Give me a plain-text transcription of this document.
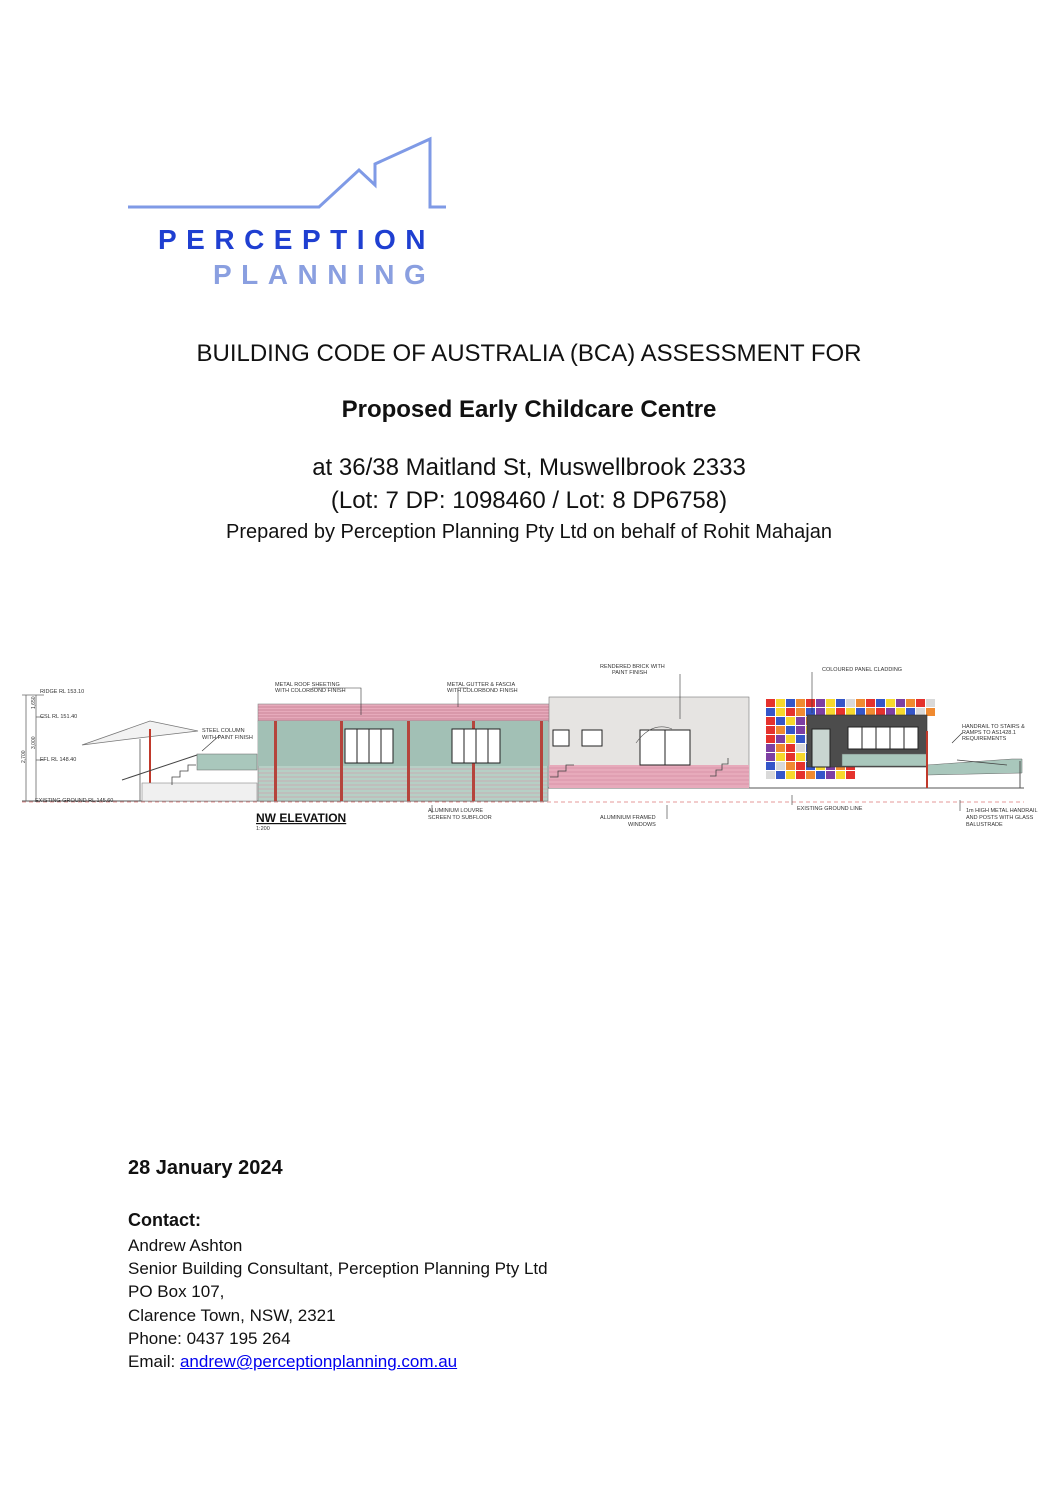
PERCEPTION
PLANNING
BUILDING CODE OF AUSTRALIA (BCA) ASSESSMENT FOR
Proposed Early Childcare Centre
at 36/38 Maitland St, Muswellbrook 2333
(Lot: 7 DP: 1098460 / Lot: 8 DP6758)
Prepared by Perception Planning Pty Ltd on behalf of Rohit Mahajan
RIDGE RL 153.10
CSL RL 151.40
FFL RL 148.40
EXISTING GROUND RL 145.60
METAL ROOF SHEETING
WITH COLORBOND FINISH
METAL GUTTER & FASCIA
WITH COLORBOND FINISH
RENDERED BRICK WITH
PAINT FINISH	COLOURED PANEL CLADDING
STEEL COLUMN
WITH PAINT FINISH
HANDRAIL TO STAIRS &
RAMPS TO AS1428.1
REQUIREMENTS
ALUMINIUM LOUVRE
SCREEN TO SUBFLOOR	ALUMINIUM FRAMED
WINDOWS
EXISTING GROUND LINE	1m HIGH METAL HANDRAIL
AND POSTS WITH GLASS
BALUSTRADE
1,650
3,000
2,700
NW ELEVATION
1:200
28 January 2024
Contact:
Andrew Ashton
Senior Building Consultant, Perception Planning Pty Ltd
PO Box 107,
Clarence Town, NSW, 2321
Phone: 0437 195 264
Email: andrew@perceptionplanning.com.au
